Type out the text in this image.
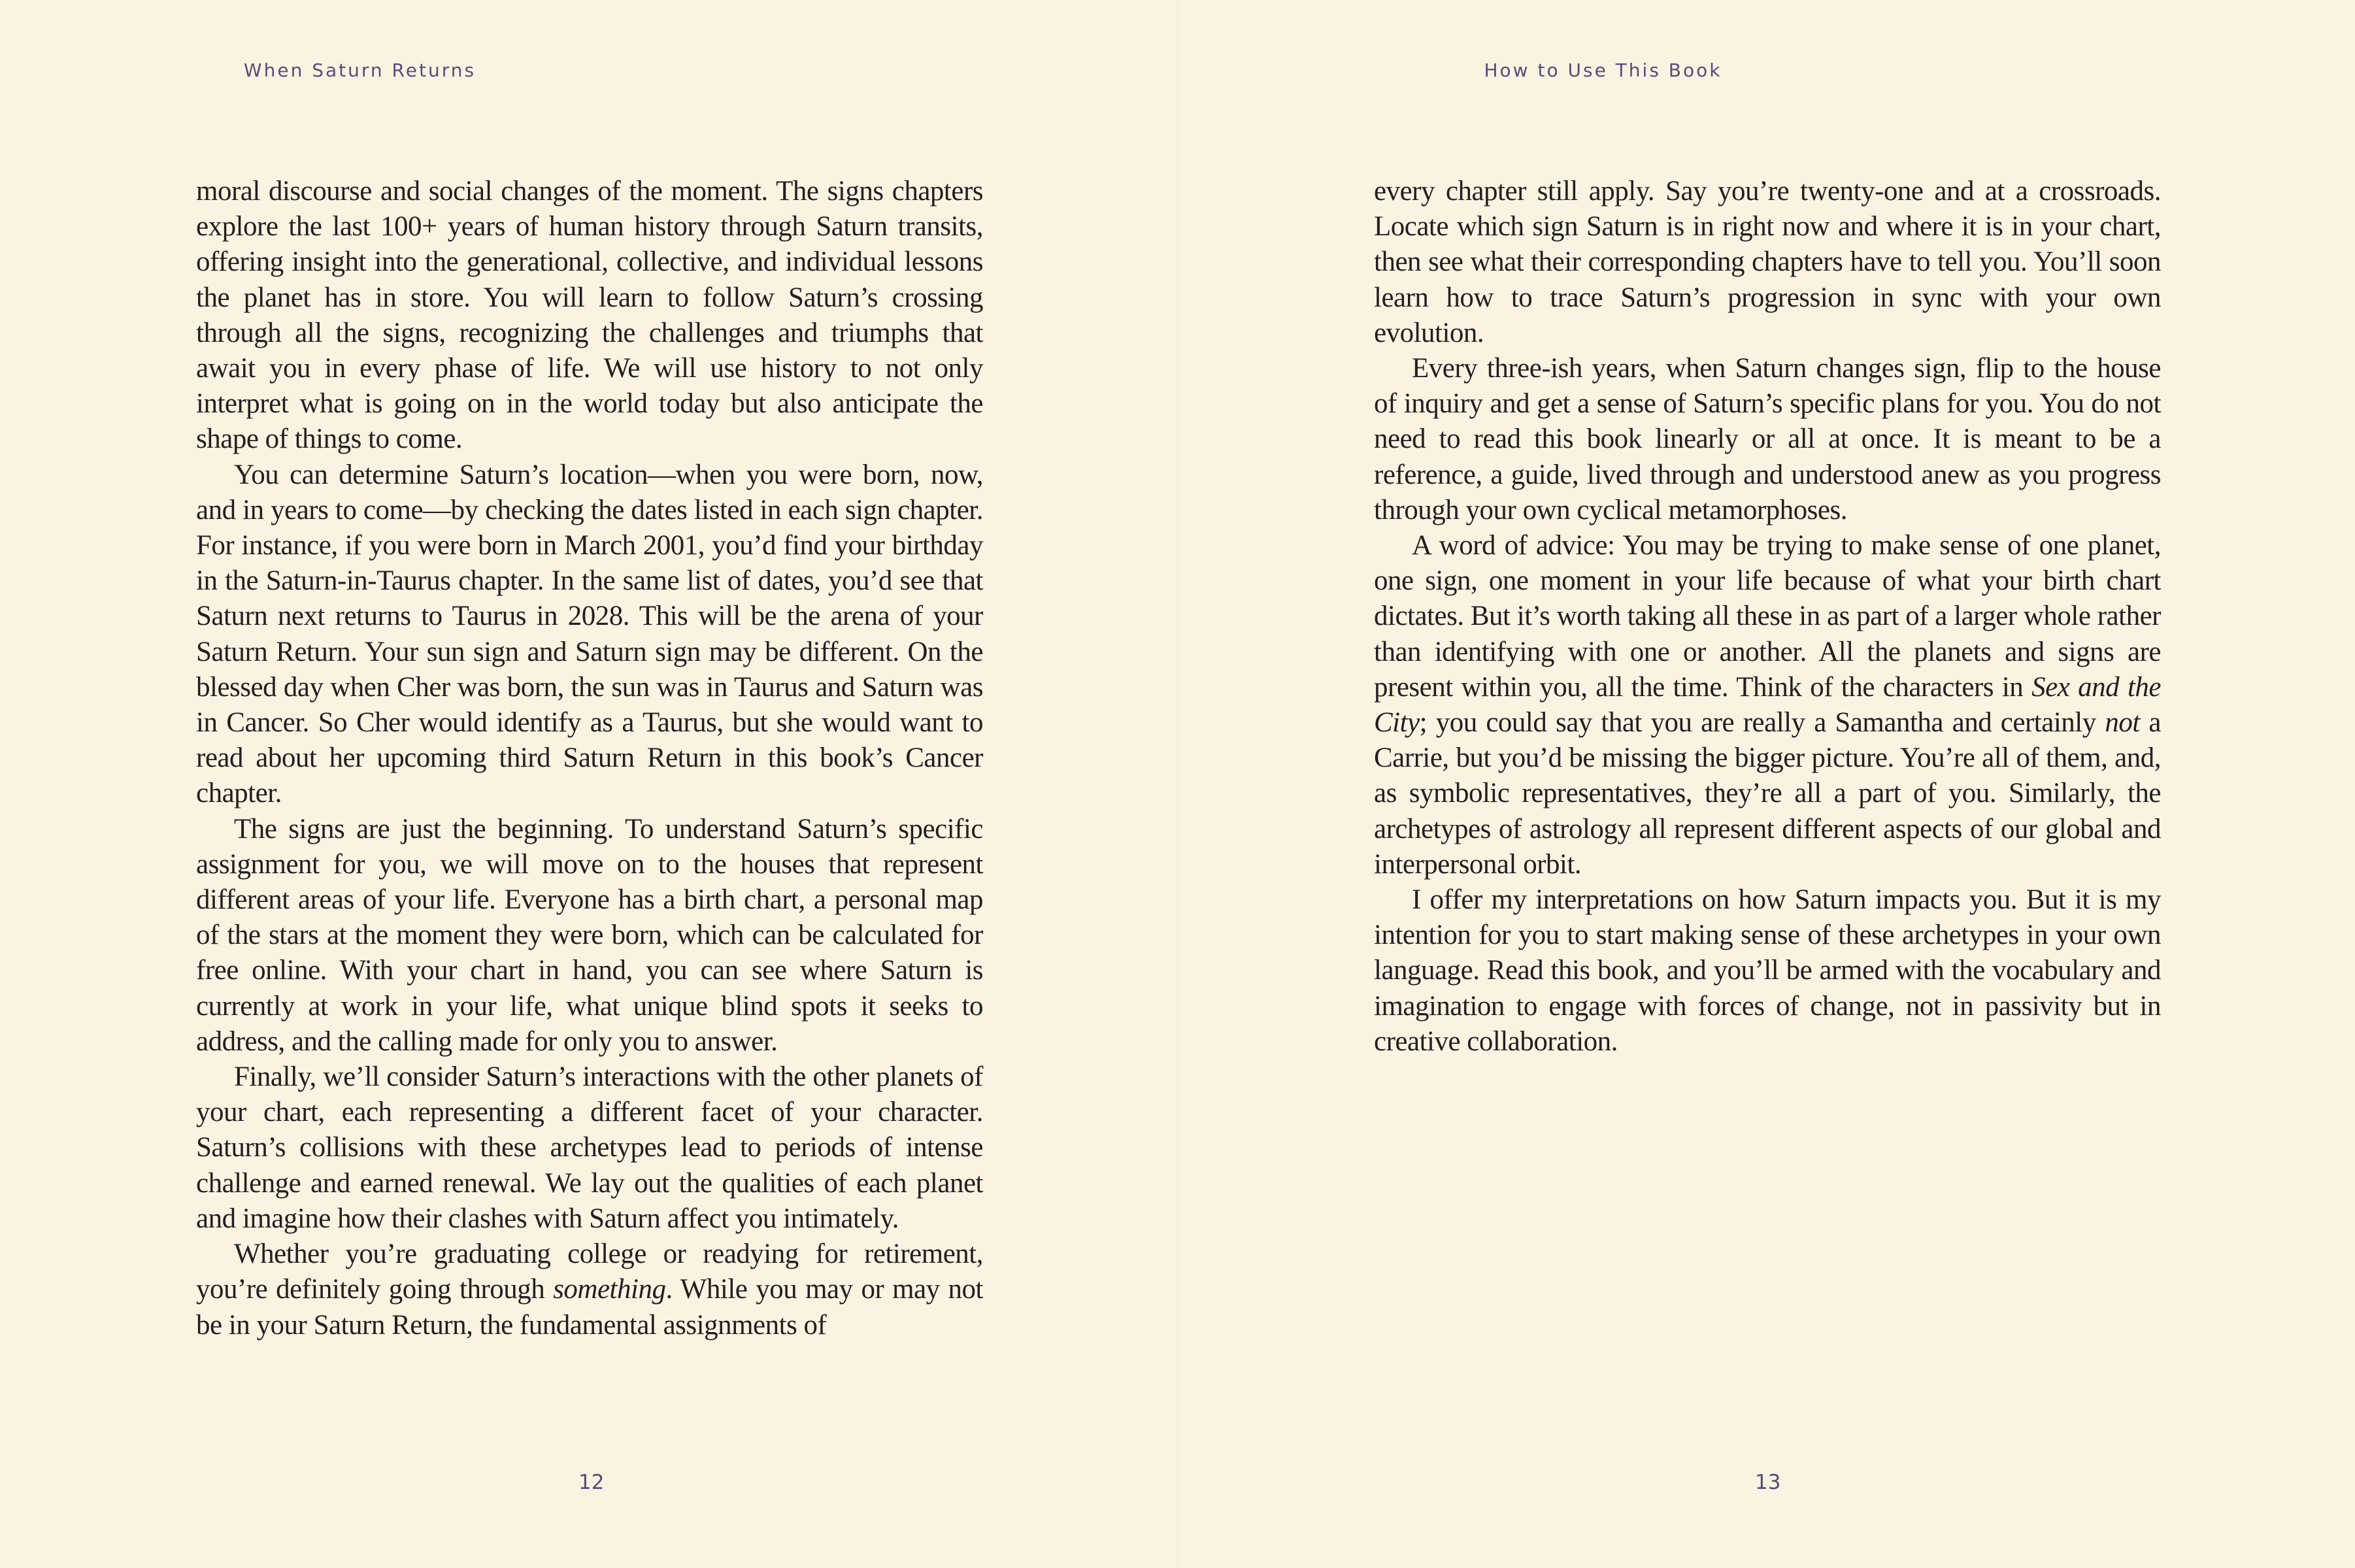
When Saturn Returns

moral discourse and social changes of the moment. The signs chapters explore the last 100+ years of human history through Saturn transits, offering insight into the generational, collective, and individual lessons the planet has in store. You will learn to follow Saturn’s crossing through all the signs, recognizing the challenges and triumphs that await you in every phase of life. We will use history to not only interpret what is going on in the world today but also anticipate the shape of things to come.

You can determine Saturn’s location—when you were born, now, and in years to come—by checking the dates listed in each sign chapter. For instance, if you were born in March 2001, you’d find your birthday in the Saturn-in-Taurus chapter. In the same list of dates, you’d see that Saturn next returns to Taurus in 2028. This will be the arena of your Saturn Return. Your sun sign and Saturn sign may be different. On the blessed day when Cher was born, the sun was in Taurus and Saturn was in Cancer. So Cher would identify as a Taurus, but she would want to read about her upcoming third Saturn Return in this book’s Cancer chapter.

The signs are just the beginning. To understand Saturn’s specific assignment for you, we will move on to the houses that represent different areas of your life. Everyone has a birth chart, a personal map of the stars at the moment they were born, which can be calculated for free online. With your chart in hand, you can see where Saturn is currently at work in your life, what unique blind spots it seeks to address, and the calling made for only you to answer.

Finally, we’ll consider Saturn’s interactions with the other planets of your chart, each representing a different facet of your character. Saturn’s collisions with these archetypes lead to periods of intense challenge and earned renewal. We lay out the qualities of each planet and imagine how their clashes with Saturn affect you intimately.

Whether you’re graduating college or readying for retirement, you’re definitely going through something. While you may or may not be in your Saturn Return, the fundamental assignments of

12
How to Use This Book

every chapter still apply. Say you’re twenty-one and at a crossroads. Locate which sign Saturn is in right now and where it is in your chart, then see what their corresponding chapters have to tell you. You’ll soon learn how to trace Saturn’s progression in sync with your own evolution.

Every three-ish years, when Saturn changes sign, flip to the house of inquiry and get a sense of Saturn’s specific plans for you. You do not need to read this book linearly or all at once. It is meant to be a reference, a guide, lived through and understood anew as you progress through your own cyclical metamorphoses.

A word of advice: You may be trying to make sense of one planet, one sign, one moment in your life because of what your birth chart dictates. But it’s worth taking all these in as part of a larger whole rather than identifying with one or another. All the planets and signs are present within you, all the time. Think of the characters in Sex and the City; you could say that you are really a Samantha and certainly not a Carrie, but you’d be missing the bigger picture. You’re all of them, and, as symbolic representatives, they’re all a part of you. Similarly, the archetypes of astrology all represent different aspects of our global and interpersonal orbit.

I offer my interpretations on how Saturn impacts you. But it is my intention for you to start making sense of these archetypes in your own language. Read this book, and you’ll be armed with the vocabulary and imagination to engage with forces of change, not in passivity but in creative collaboration.

13
